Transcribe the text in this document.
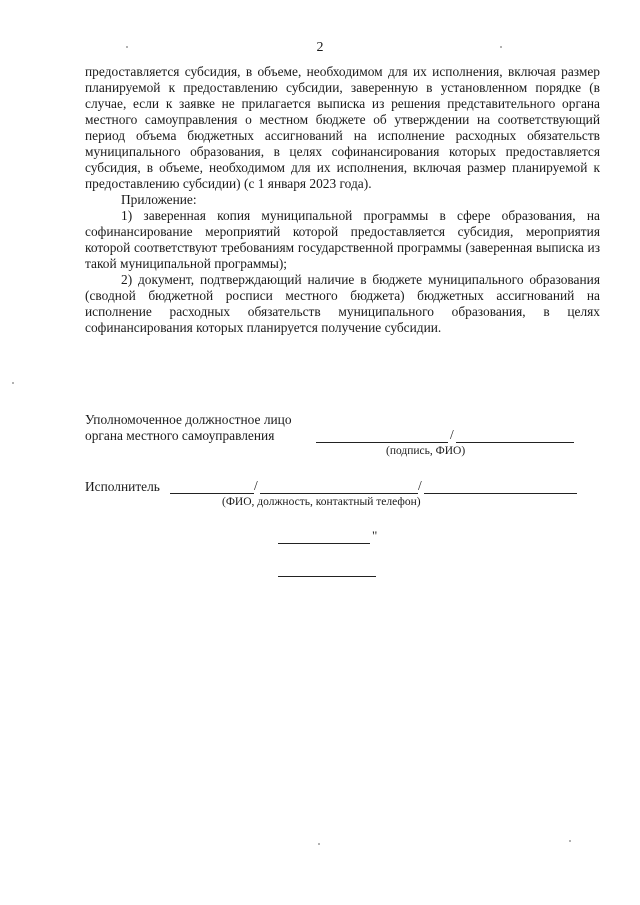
2

предоставляется субсидия, в объеме, необходимом для их исполнения, включая размер планируемой к предоставлению субсидии, заверенную в установленном порядке (в случае, если к заявке не прилагается выписка из решения представительного органа местного самоуправления о местном бюджете об утверждении на соответствующий период объема бюджетных ассигнований на исполнение расходных обязательств муниципального образования, в целях софинансирования которых предоставляется субсидия, в объеме, необходимом для их исполнения, включая размер планируемой к предоставлению субсидии) (с 1 января 2023 года).

Приложение:

1) заверенная копия муниципальной программы в сфере образования, на софинансирование мероприятий которой предоставляется субсидия, мероприятия которой соответствуют требованиям государственной программы (заверенная выписка из такой муниципальной программы);

2) документ, подтверждающий наличие в бюджете муниципального образования (сводной бюджетной росписи местного бюджета) бюджетных ассигнований на исполнение расходных обязательств муниципального образования, в целях софинансирования которых планируется получение субсидии.

Уполномоченное должностное лицо
органа местного самоуправления	/
(подпись, ФИО)
Исполнитель	/	/
(ФИО, должность, контактный телефон)
"
